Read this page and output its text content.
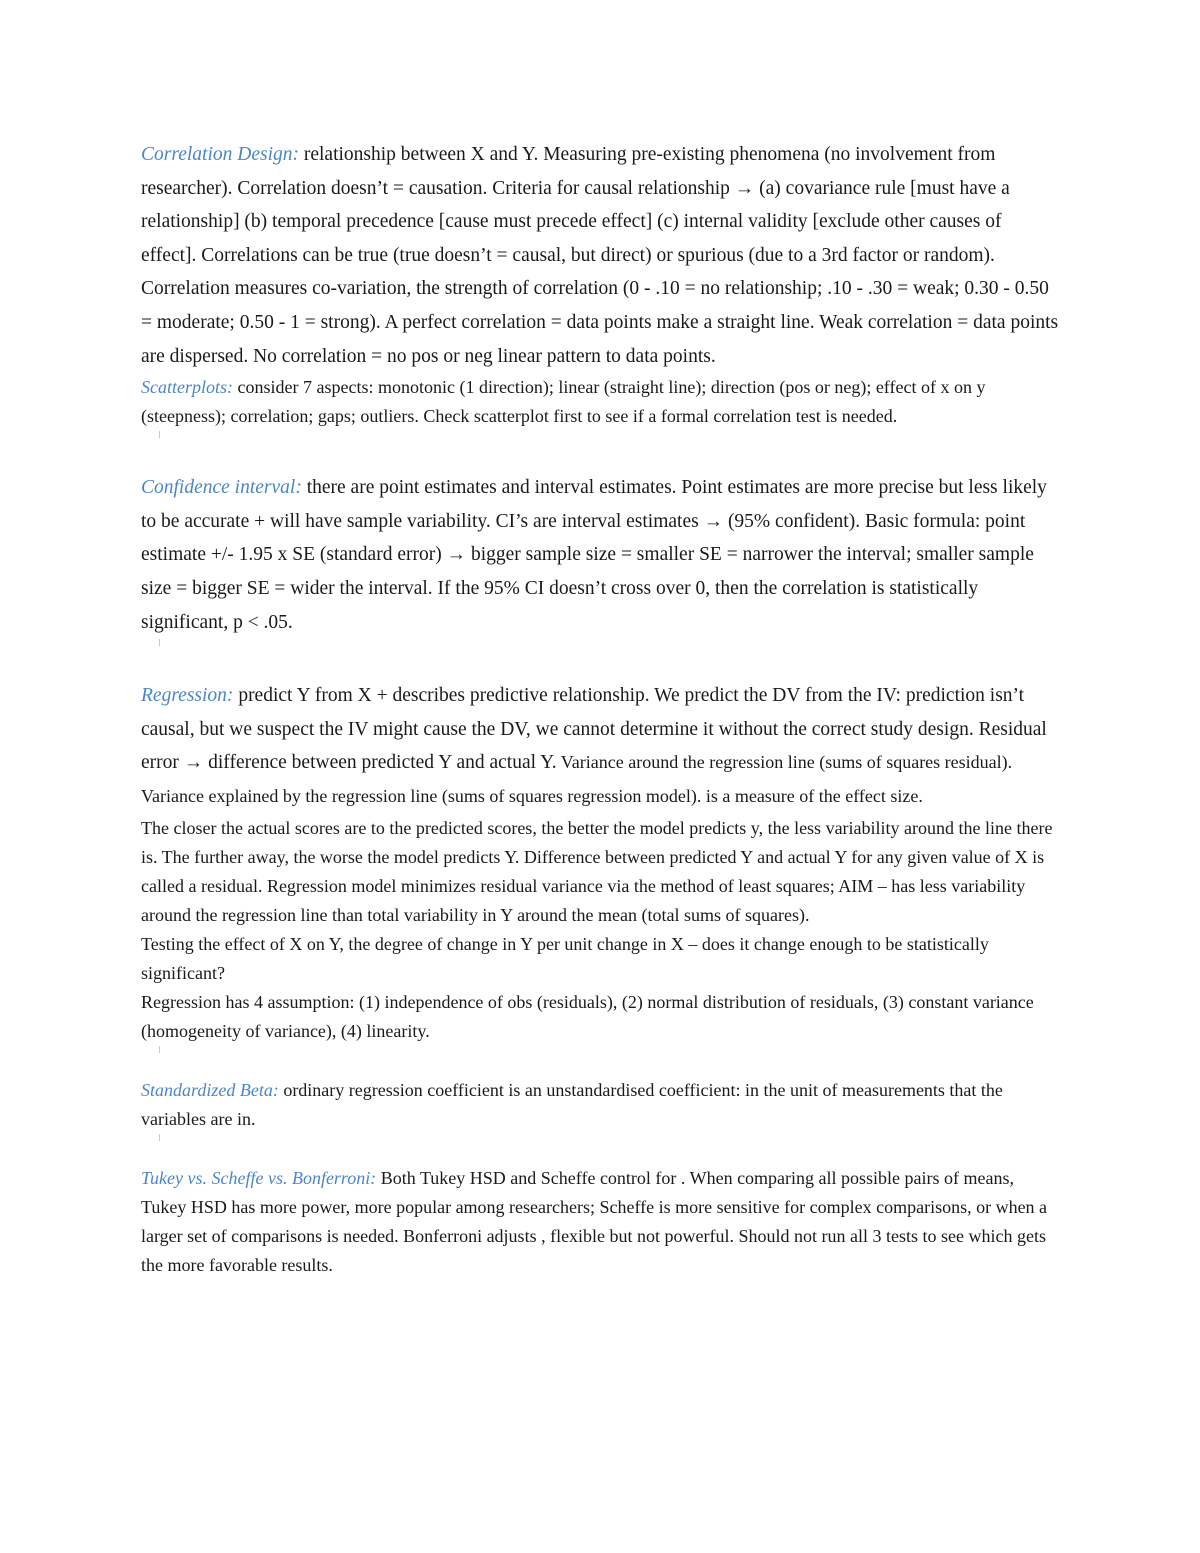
Correlation Design: relationship between X and Y. Measuring pre-existing phenomena (no involvement from researcher). Correlation doesn’t = causation. Criteria for causal relationship → (a) covariance rule [must have a relationship] (b) temporal precedence [cause must precede effect] (c) internal validity [exclude other causes of effect]. Correlations can be true (true doesn’t = causal, but direct) or spurious (due to a 3rd factor or random). Correlation measures co-variation, the strength of correlation (0 - .10 = no relationship; .10 - .30 = weak; 0.30 - 0.50 = moderate; 0.50 - 1 = strong). A perfect correlation = data points make a straight line. Weak correlation = data points are dispersed. No correlation = no pos or neg linear pattern to data points.

Scatterplots: consider 7 aspects: monotonic (1 direction); linear (straight line); direction (pos or neg); effect of x on y (steepness); correlation; gaps; outliers. Check scatterplot first to see if a formal correlation test is needed.

Confidence interval: there are point estimates and interval estimates. Point estimates are more precise but less likely to be accurate + will have sample variability. CI’s are interval estimates → (95% confident). Basic formula: point estimate +/- 1.95 x SE (standard error) → bigger sample size = smaller SE = narrower the interval; smaller sample size = bigger SE = wider the interval. If the 95% CI doesn’t cross over 0, then the correlation is statistically significant, p < .05.

Regression: predict Y from X + describes predictive relationship. We predict the DV from the IV: prediction isn’t causal, but we suspect the IV might cause the DV, we cannot determine it without the correct study design. Residual error → difference between predicted Y and actual Y. Variance around the regression line (sums of squares residual). Variance explained by the regression line (sums of squares regression model). is a measure of the effect size.

The closer the actual scores are to the predicted scores, the better the model predicts y, the less variability around the line there is. The further away, the worse the model predicts Y. Difference between predicted Y and actual Y for any given value of X is called a residual. Regression model minimizes residual variance via the method of least squares; AIM – has less variability around the regression line than total variability in Y around the mean (total sums of squares).

Testing the effect of X on Y, the degree of change in Y per unit change in X – does it change enough to be statistically significant?

Regression has 4 assumption: (1) independence of obs (residuals), (2) normal distribution of residuals, (3) constant variance (homogeneity of variance), (4) linearity.

Standardized Beta: ordinary regression coefficient is an unstandardised coefficient: in the unit of measurements that the variables are in.

Tukey vs. Scheffe vs. Bonferroni: Both Tukey HSD and Scheffe control for . When comparing all possible pairs of means, Tukey HSD has more power, more popular among researchers; Scheffe is more sensitive for complex comparisons, or when a larger set of comparisons is needed. Bonferroni adjusts , flexible but not powerful. Should not run all 3 tests to see which gets the more favorable results.
